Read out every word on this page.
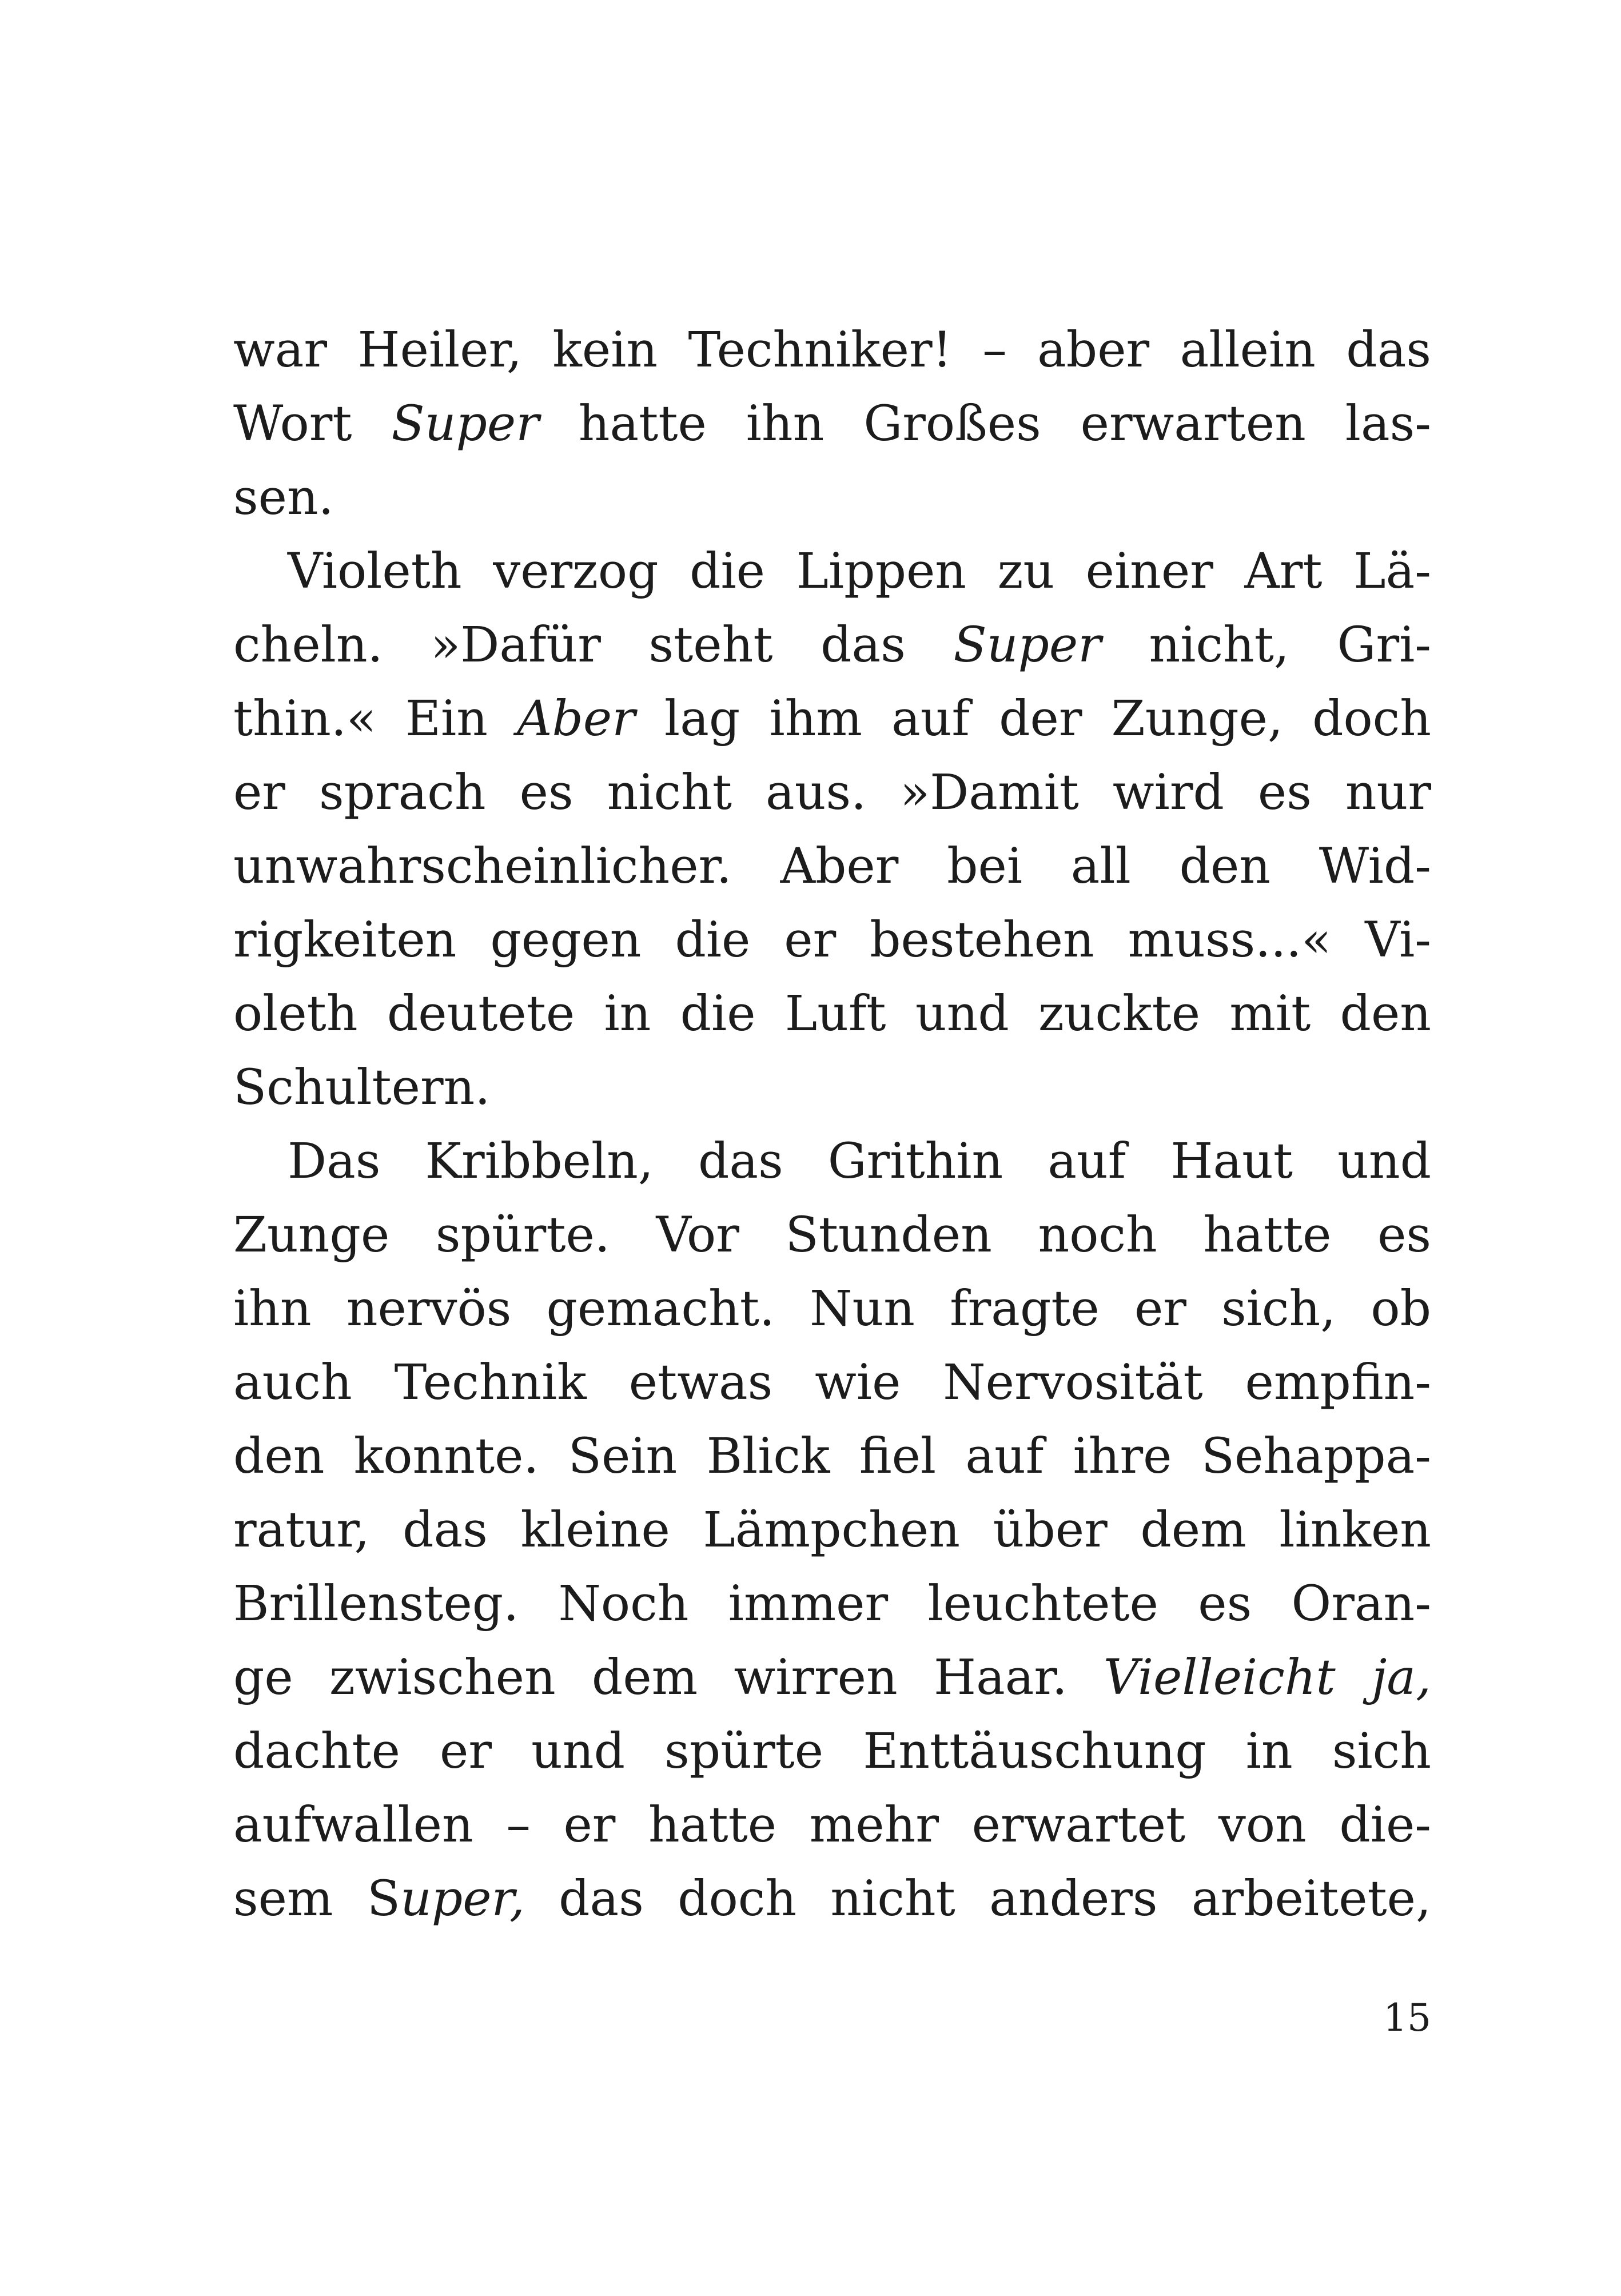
war Heiler, kein Techniker! – aber allein das
Wort Super hatte ihn Großes erwarten las-
sen.
Violeth verzog die Lippen zu einer Art Lä-
cheln. »Dafür steht das Super nicht, Gri-
thin.« Ein Aber lag ihm auf der Zunge, doch
er sprach es nicht aus. »Damit wird es nur
unwahrscheinlicher. Aber bei all den Wid-
rigkeiten gegen die er bestehen muss...« Vi-
oleth deutete in die Luft und zuckte mit den
Schultern.
Das Kribbeln, das Grithin auf Haut und
Zunge spürte. Vor Stunden noch hatte es
ihn nervös gemacht. Nun fragte er sich, ob
auch Technik etwas wie Nervosität empfin-
den konnte. Sein Blick fiel auf ihre Sehappa-
ratur, das kleine Lämpchen über dem linken
Brillensteg. Noch immer leuchtete es Oran-
ge zwischen dem wirren Haar. Vielleicht ja,
dachte er und spürte Enttäuschung in sich
aufwallen – er hatte mehr erwartet von die-
sem Super, das doch nicht anders arbeitete,
15
